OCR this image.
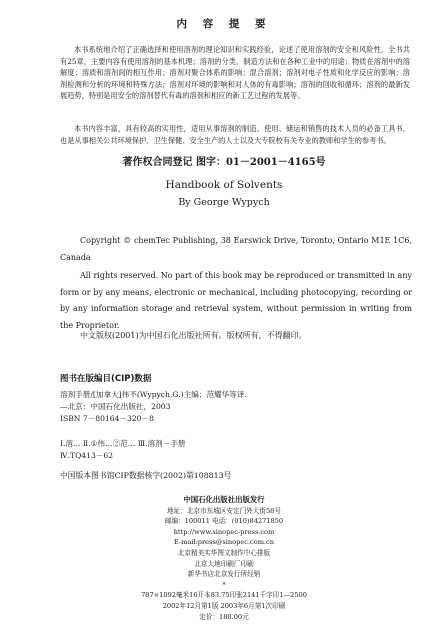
内 容 提 要
本书系统地介绍了正确选择和使用溶剂的理论知识和实践经验，论述了使用溶剂的安全和风险性，全书共有25章，主要内容有使用溶剂的基本机理；溶剂的分类、制造方法和在各种工业中的用途；物质在溶剂中的溶解度；溶质和溶剂间的相互作用；溶剂对聚合体系的影响；混合溶剂；溶剂对电子性质和化学反应的影响；溶剂检测和分析的环境和特殊方法；溶剂对环境的影响和对人体的有毒影响；溶剂的回收和循环；溶剂的最新发展趋势，特别是用安全的溶剂替代有毒的溶剂和相应的新工艺过程的发展等。
本书内容丰富，具有较高的实用性，适用从事溶剂的制造、使用、储运和销售的技术人员的必备工具书，也是从事相关公共环境保护、卫生保健、安全生产的人士以及大专院校有关专业的教师和学生的参考书。
著作权合同登记 图字：01－2001－4165号
Handbook of Solvents
By George Wypych
Copyright © chemTec Publishing, 38 Earswick Drive, Toronto, Ontario M1E 1C6, Canada
All rights reserved. No part of this book may be reproduced or transmitted in any form or by any means, electronic or mechanical, including photocopying, recording or by any information storage and retrieval system, without permission in writing from the Proprietor.
中文版权(2001)为中国石化出版社所有。版权所有，不得翻印。
图书在版编目(CIP)数据
溶剂手册/[加拿大]伟不(Wypych,G.)主编；范耀华等译.
—北京：中国石化出版社，2003
ISBN 7－80164－320－8
Ⅰ.溶… Ⅱ.①伟…②范… Ⅲ.溶剂－手册
Ⅳ.TQ413－62
中国版本图书馆CIP数据核字(2002)第108813号
中国石化出版社出版发行
地址：北京市东城区安定门外大街58号
邮编：100011 电话：(010)84271850
http://www.sinopec-press.com
E-mail:press@sinopec.com.cn
北京精美实华图文制作中心排版
北京大地印刷厂印刷
新华书店北京发行所经销
*
787×1092毫米16开本83.75印张2141千字印1—2500
2002年12月第1版 2003年6月第1次印刷
定价：180.00元
